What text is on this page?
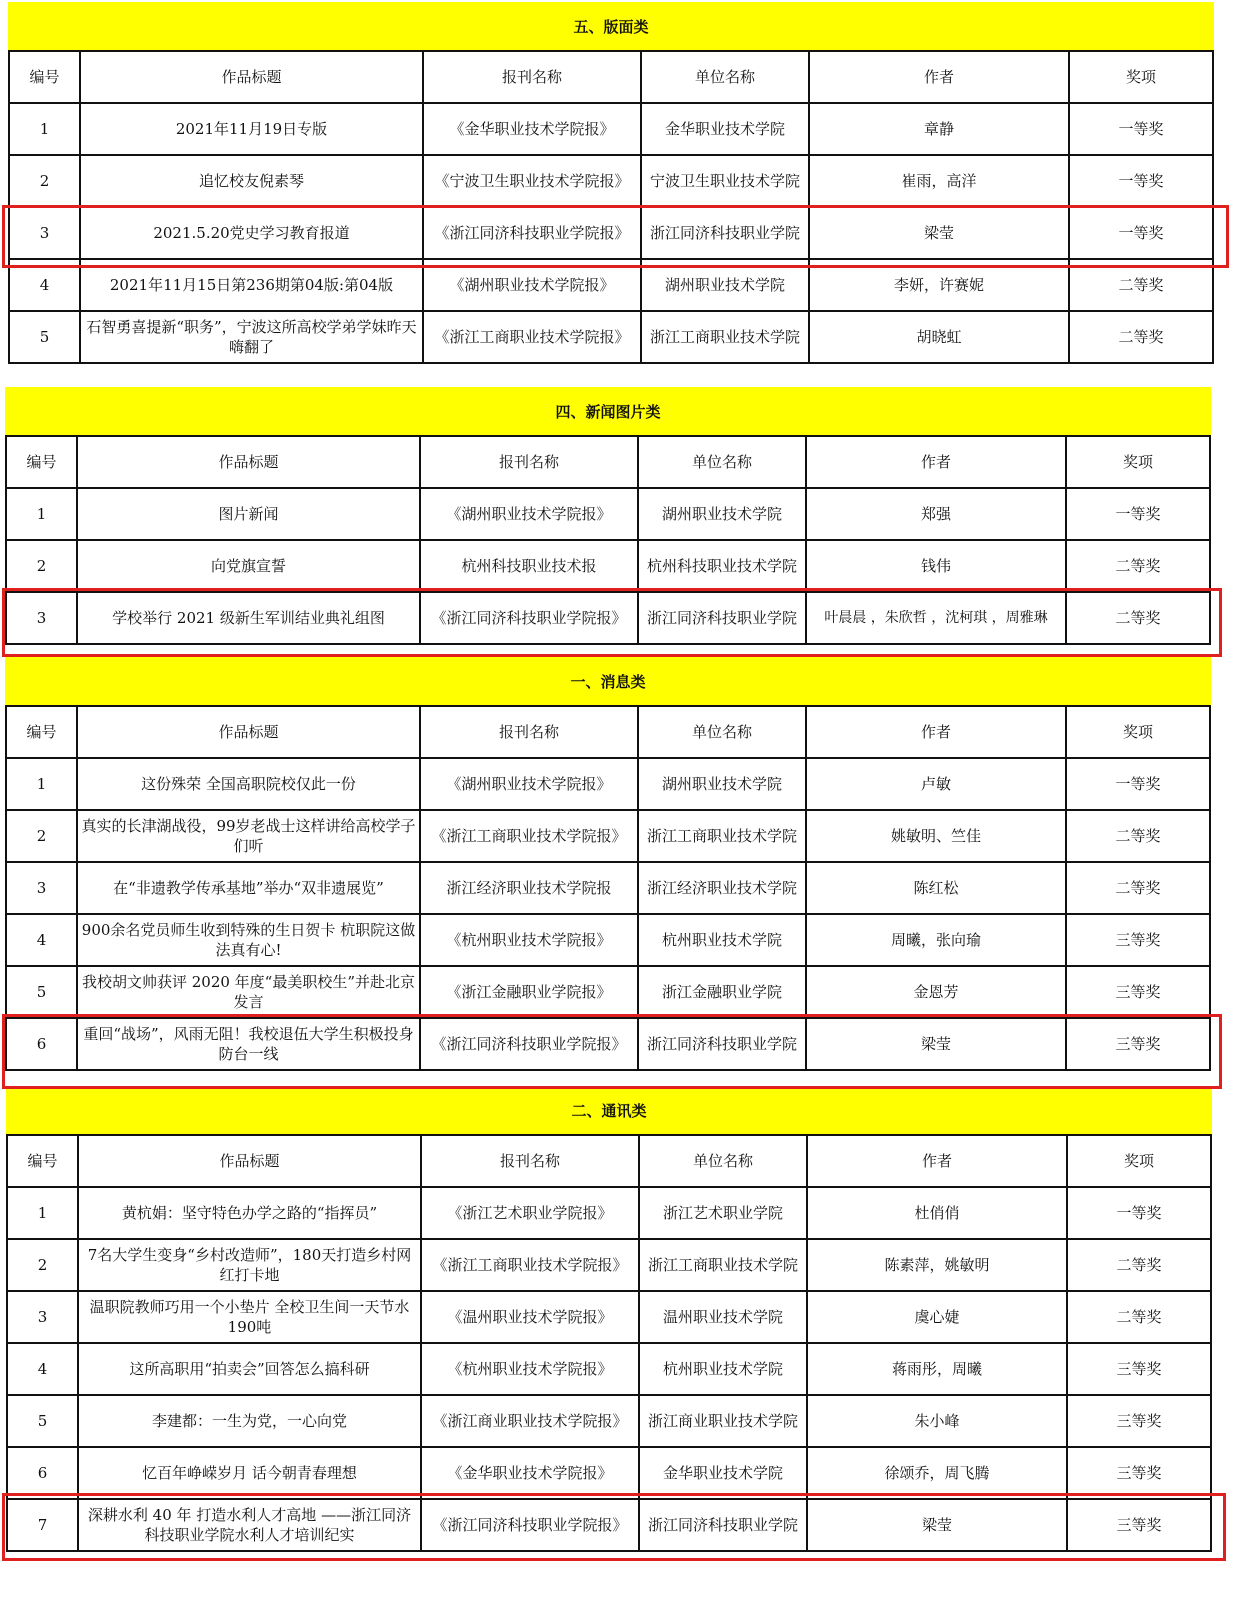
五、版面类
编号	作品标题	报刊名称	单位名称	作者	奖项
1	2021年11月19日专版	《金华职业技术学院报》	金华职业技术学院	章静	一等奖
2	追忆校友倪素琴	《宁波卫生职业技术学院报》	宁波卫生职业技术学院	崔雨，高洋	一等奖
3	2021.5.20党史学习教育报道	《浙江同济科技职业学院报》	浙江同济科技职业学院	梁莹	一等奖
4	2021年11月15日第236期第04版:第04版	《湖州职业技术学院报》	湖州职业技术学院	李妍，许赛妮	二等奖
5	石智勇喜提新“职务”，宁波这所高校学弟学妹昨天嗨翻了	《浙江工商职业技术学院报》	浙江工商职业技术学院	胡晓虹	二等奖
四、新闻图片类
编号	作品标题	报刊名称	单位名称	作者	奖项
1	图片新闻	《湖州职业技术学院报》	湖州职业技术学院	郑强	一等奖
2	向党旗宣誓	杭州科技职业技术报	杭州科技职业技术学院	钱伟	二等奖
3	学校举行 2021 级新生军训结业典礼组图	《浙江同济科技职业学院报》	浙江同济科技职业学院	叶晨晨 ，朱欣哲 ，沈柯琪 ，周雅琳	二等奖
一、消息类
编号	作品标题	报刊名称	单位名称	作者	奖项
1	这份殊荣 全国高职院校仅此一份	《湖州职业技术学院报》	湖州职业技术学院	卢敏	一等奖
2	真实的长津湖战役，99岁老战士这样讲给高校学子们听	《浙江工商职业技术学院报》	浙江工商职业技术学院	姚敏明、竺佳	二等奖
3	在“非遗教学传承基地”举办“双非遗展览”	浙江经济职业技术学院报	浙江经济职业技术学院	陈红松	二等奖
4	900余名党员师生收到特殊的生日贺卡 杭职院这做法真有心!	《杭州职业技术学院报》	杭州职业技术学院	周曦，张向瑜	三等奖
5	我校胡文帅获评 2020 年度“最美职校生”并赴北京发言	《浙江金融职业学院报》	浙江金融职业学院	金恩芳	三等奖
6	重回“战场”，风雨无阻！我校退伍大学生积极投身防台一线	《浙江同济科技职业学院报》	浙江同济科技职业学院	梁莹	三等奖
二、通讯类
编号	作品标题	报刊名称	单位名称	作者	奖项
1	黄杭娟：坚守特色办学之路的“指挥员”	《浙江艺术职业学院报》	浙江艺术职业学院	杜俏俏	一等奖
2	7名大学生变身“乡村改造师”，180天打造乡村网红打卡地	《浙江工商职业技术学院报》	浙江工商职业技术学院	陈素萍，姚敏明	二等奖
3	温职院教师巧用一个小垫片 全校卫生间一天节水190吨	《温州职业技术学院报》	温州职业技术学院	虞心婕	二等奖
4	这所高职用“拍卖会”回答怎么搞科研	《杭州职业技术学院报》	杭州职业技术学院	蒋雨彤，周曦	三等奖
5	李建都：一生为党，一心向党	《浙江商业职业技术学院报》	浙江商业职业技术学院	朱小峰	三等奖
6	忆百年峥嵘岁月 话今朝青春理想	《金华职业技术学院报》	金华职业技术学院	徐颂乔，周飞腾	三等奖
7	深耕水利 40 年 打造水利人才高地 ——浙江同济科技职业学院水利人才培训纪实	《浙江同济科技职业学院报》	浙江同济科技职业学院	梁莹	三等奖
